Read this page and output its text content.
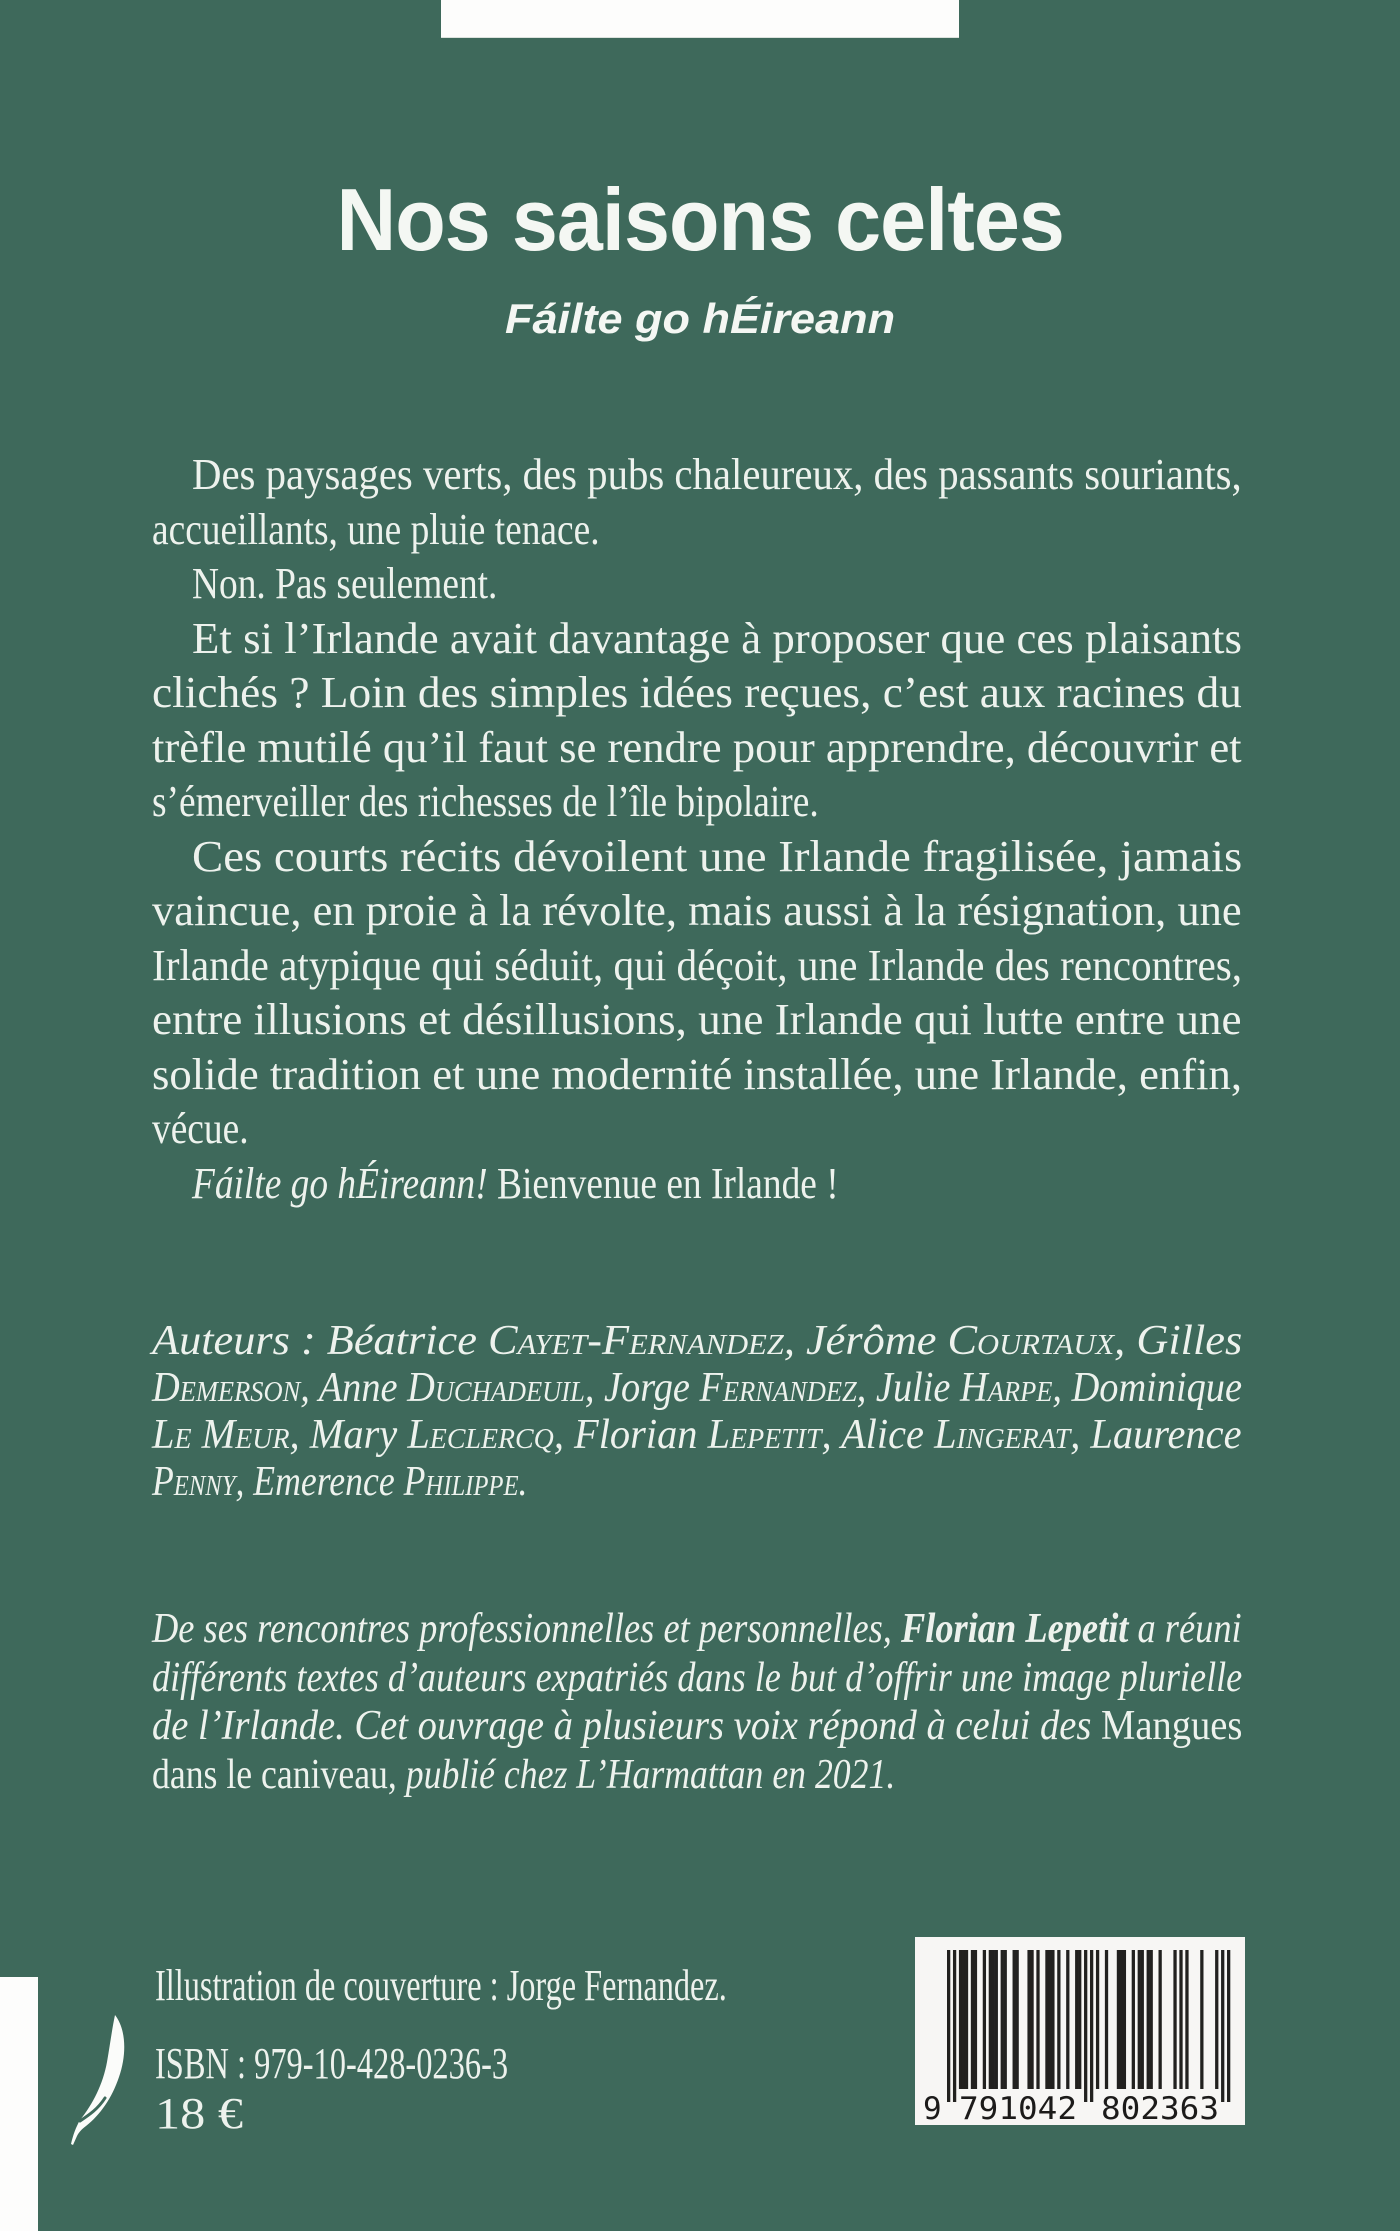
Nos saisons celtes
Fáilte go hÉireann
Des paysages verts, des pubs chaleureux, des passants souriants,
accueillants, une pluie tenace.
Non. Pas seulement.
Et si l’Irlande avait davantage à proposer que ces plaisants
clichés ? Loin des simples idées reçues, c’est aux racines du
trèfle mutilé qu’il faut se rendre pour apprendre, découvrir et
s’émerveiller des richesses de l’île bipolaire.
Ces courts récits dévoilent une Irlande fragilisée, jamais
vaincue, en proie à la révolte, mais aussi à la résignation, une
Irlande atypique qui séduit, qui déçoit, une Irlande des rencontres,
entre illusions et désillusions, une Irlande qui lutte entre une
solide tradition et une modernité installée, une Irlande, enfin,
vécue.
Fáilte go hÉireann! Bienvenue en Irlande !
Auteurs : Béatrice Cayet-Fernandez, Jérôme Courtaux, Gilles
Demerson, Anne Duchadeuil, Jorge Fernandez, Julie Harpe, Dominique
Le Meur, Mary Leclercq, Florian Lepetit, Alice Lingerat, Laurence
Penny, Emerence Philippe.
De ses rencontres professionnelles et personnelles, Florian Lepetit a réuni
différents textes d’auteurs expatriés dans le but d’offrir une image plurielle
de l’Irlande. Cet ouvrage à plusieurs voix répond à celui des Mangues
dans le caniveau, publié chez L’Harmattan en 2021.
Illustration de couverture : Jorge Fernandez.
ISBN : 979-10-428-0236-3
18 €	9 791042 802363
